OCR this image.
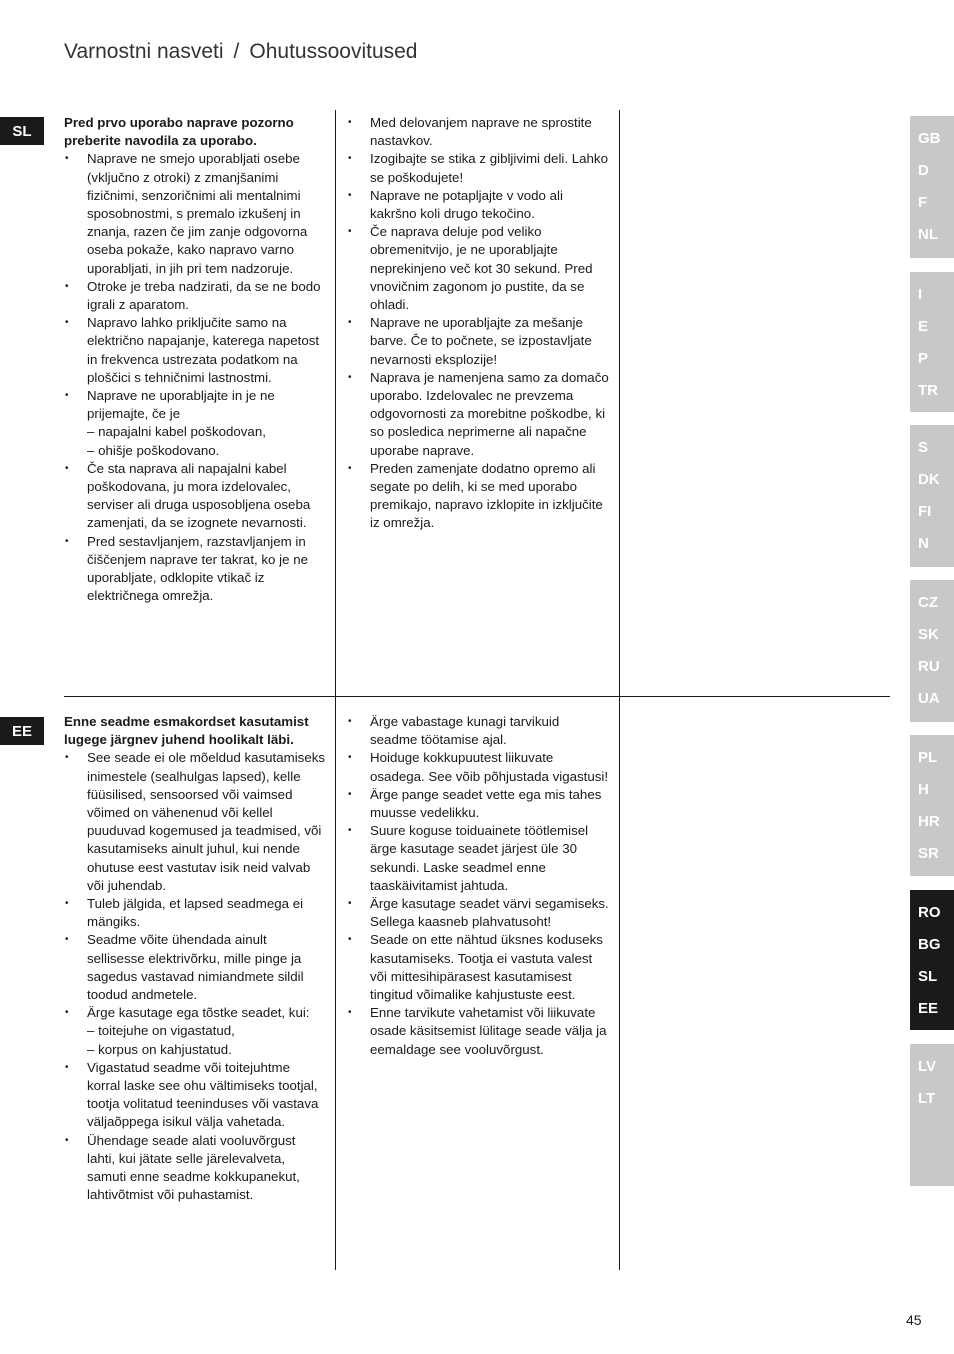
Varnostni nasveti / Ohutussoovitused
SL
EE
Pred prvo uporabo naprave pozorno preberite navodila za uporabo.
• Naprave ne smejo uporabljati osebe (vključno z otroki) z zmanjšanimi fizičnimi, senzoričnimi ali mentalnimi sposobnostmi, s premalo izkušenj in znanja, razen če jim zanje odgovorna oseba pokaže, kako napravo varno uporabljati, in jih pri tem nadzoruje.
• Otroke je treba nadzirati, da se ne bodo igrali z aparatom.
• Napravo lahko priključite samo na električno napajanje, katerega napetost in frekvenca ustrezata podatkom na ploščici s tehničnimi lastnostmi.
• Naprave ne uporabljajte in je ne prijemajte, če je
– napajalni kabel poškodovan,
– ohišje poškodovano.
• Če sta naprava ali napajalni kabel poškodovana, ju mora izdelovalec, serviser ali druga usposobljena oseba zamenjati, da se izognete nevarnosti.
• Pred sestavljanjem, razstavljanjem in čiščenjem naprave ter takrat, ko je ne uporabljate, odklopite vtikač iz električnega omrežja.
• Med delovanjem naprave ne sprostite nastavkov.
• Izogibajte se stika z gibljivimi deli. Lahko se poškodujete!
• Naprave ne potapljajte v vodo ali kakršno koli drugo tekočino.
• Če naprava deluje pod veliko obremenitvijo, je ne uporabljajte neprekinjeno več kot 30 sekund. Pred vnovičnim zagonom jo pustite, da se ohladi.
• Naprave ne uporabljajte za mešanje barve. Če to počnete, se izpostavljate nevarnosti eksplozije!
• Naprava je namenjena samo za domačo uporabo. Izdelovalec ne prevzema odgovornosti za morebitne poškodbe, ki so posledica neprimerne ali napačne uporabe naprave.
• Preden zamenjate dodatno opremo ali segate po delih, ki se med uporabo premikajo, napravo izklopite in izključite iz omrežja.
Enne seadme esmakordset kasutamist lugege järgnev juhend hoolikalt läbi.
• See seade ei ole mõeldud kasutamiseks inimestele (sealhulgas lapsed), kelle füüsilised, sensoorsed või vaimsed võimed on vähenenud või kellel puuduvad kogemused ja teadmised, või kasutamiseks ainult juhul, kui nende ohutuse eest vastutav isik neid valvab või juhendab.
• Tuleb jälgida, et lapsed seadmega ei mängiks.
• Seadme võite ühendada ainult sellisesse elektrivõrku, mille pinge ja sagedus vastavad nimiandmete sildil toodud andmetele.
• Ärge kasutage ega tõstke seadet, kui:
– toitejuhe on vigastatud,
– korpus on kahjustatud.
• Vigastatud seadme või toitejuhtme korral laske see ohu vältimiseks tootjal, tootja volitatud teeninduses või vastava väljaõppega isikul välja vahetada.
• Ühendage seade alati vooluvõrgust lahti, kui jätate selle järelevalveta, samuti enne seadme kokkupanekut, lahtivõtmist või puhastamist.
• Ärge vabastage kunagi tarvikuid seadme töötamise ajal.
• Hoiduge kokkupuutest liikuvate osadega. See võib põhjustada vigastusi!
• Ärge pange seadet vette ega mis tahes muusse vedelikku.
• Suure koguse toiduainete töötlemisel ärge kasutage seadet järjest üle 30 sekundi. Laske seadmel enne taaskäivitamist jahtuda.
• Ärge kasutage seadet värvi segamiseks. Sellega kaasneb plahvatusoht!
• Seade on ette nähtud üksnes koduseks kasutamiseks. Tootja ei vastuta valest või mittesihipärasest kasutamisest tingitud võimalike kahjustuste eest.
• Enne tarvikute vahetamist või liikuvate osade käsitsemist lülitage seade välja ja eemaldage see vooluvõrgust.
GB
D
F
NL
I
E
P
TR
S
DK
FI
N
CZ
SK
RU
UA
PL
H
HR
SR
RO
BG
SL
EE
LV
LT
45
